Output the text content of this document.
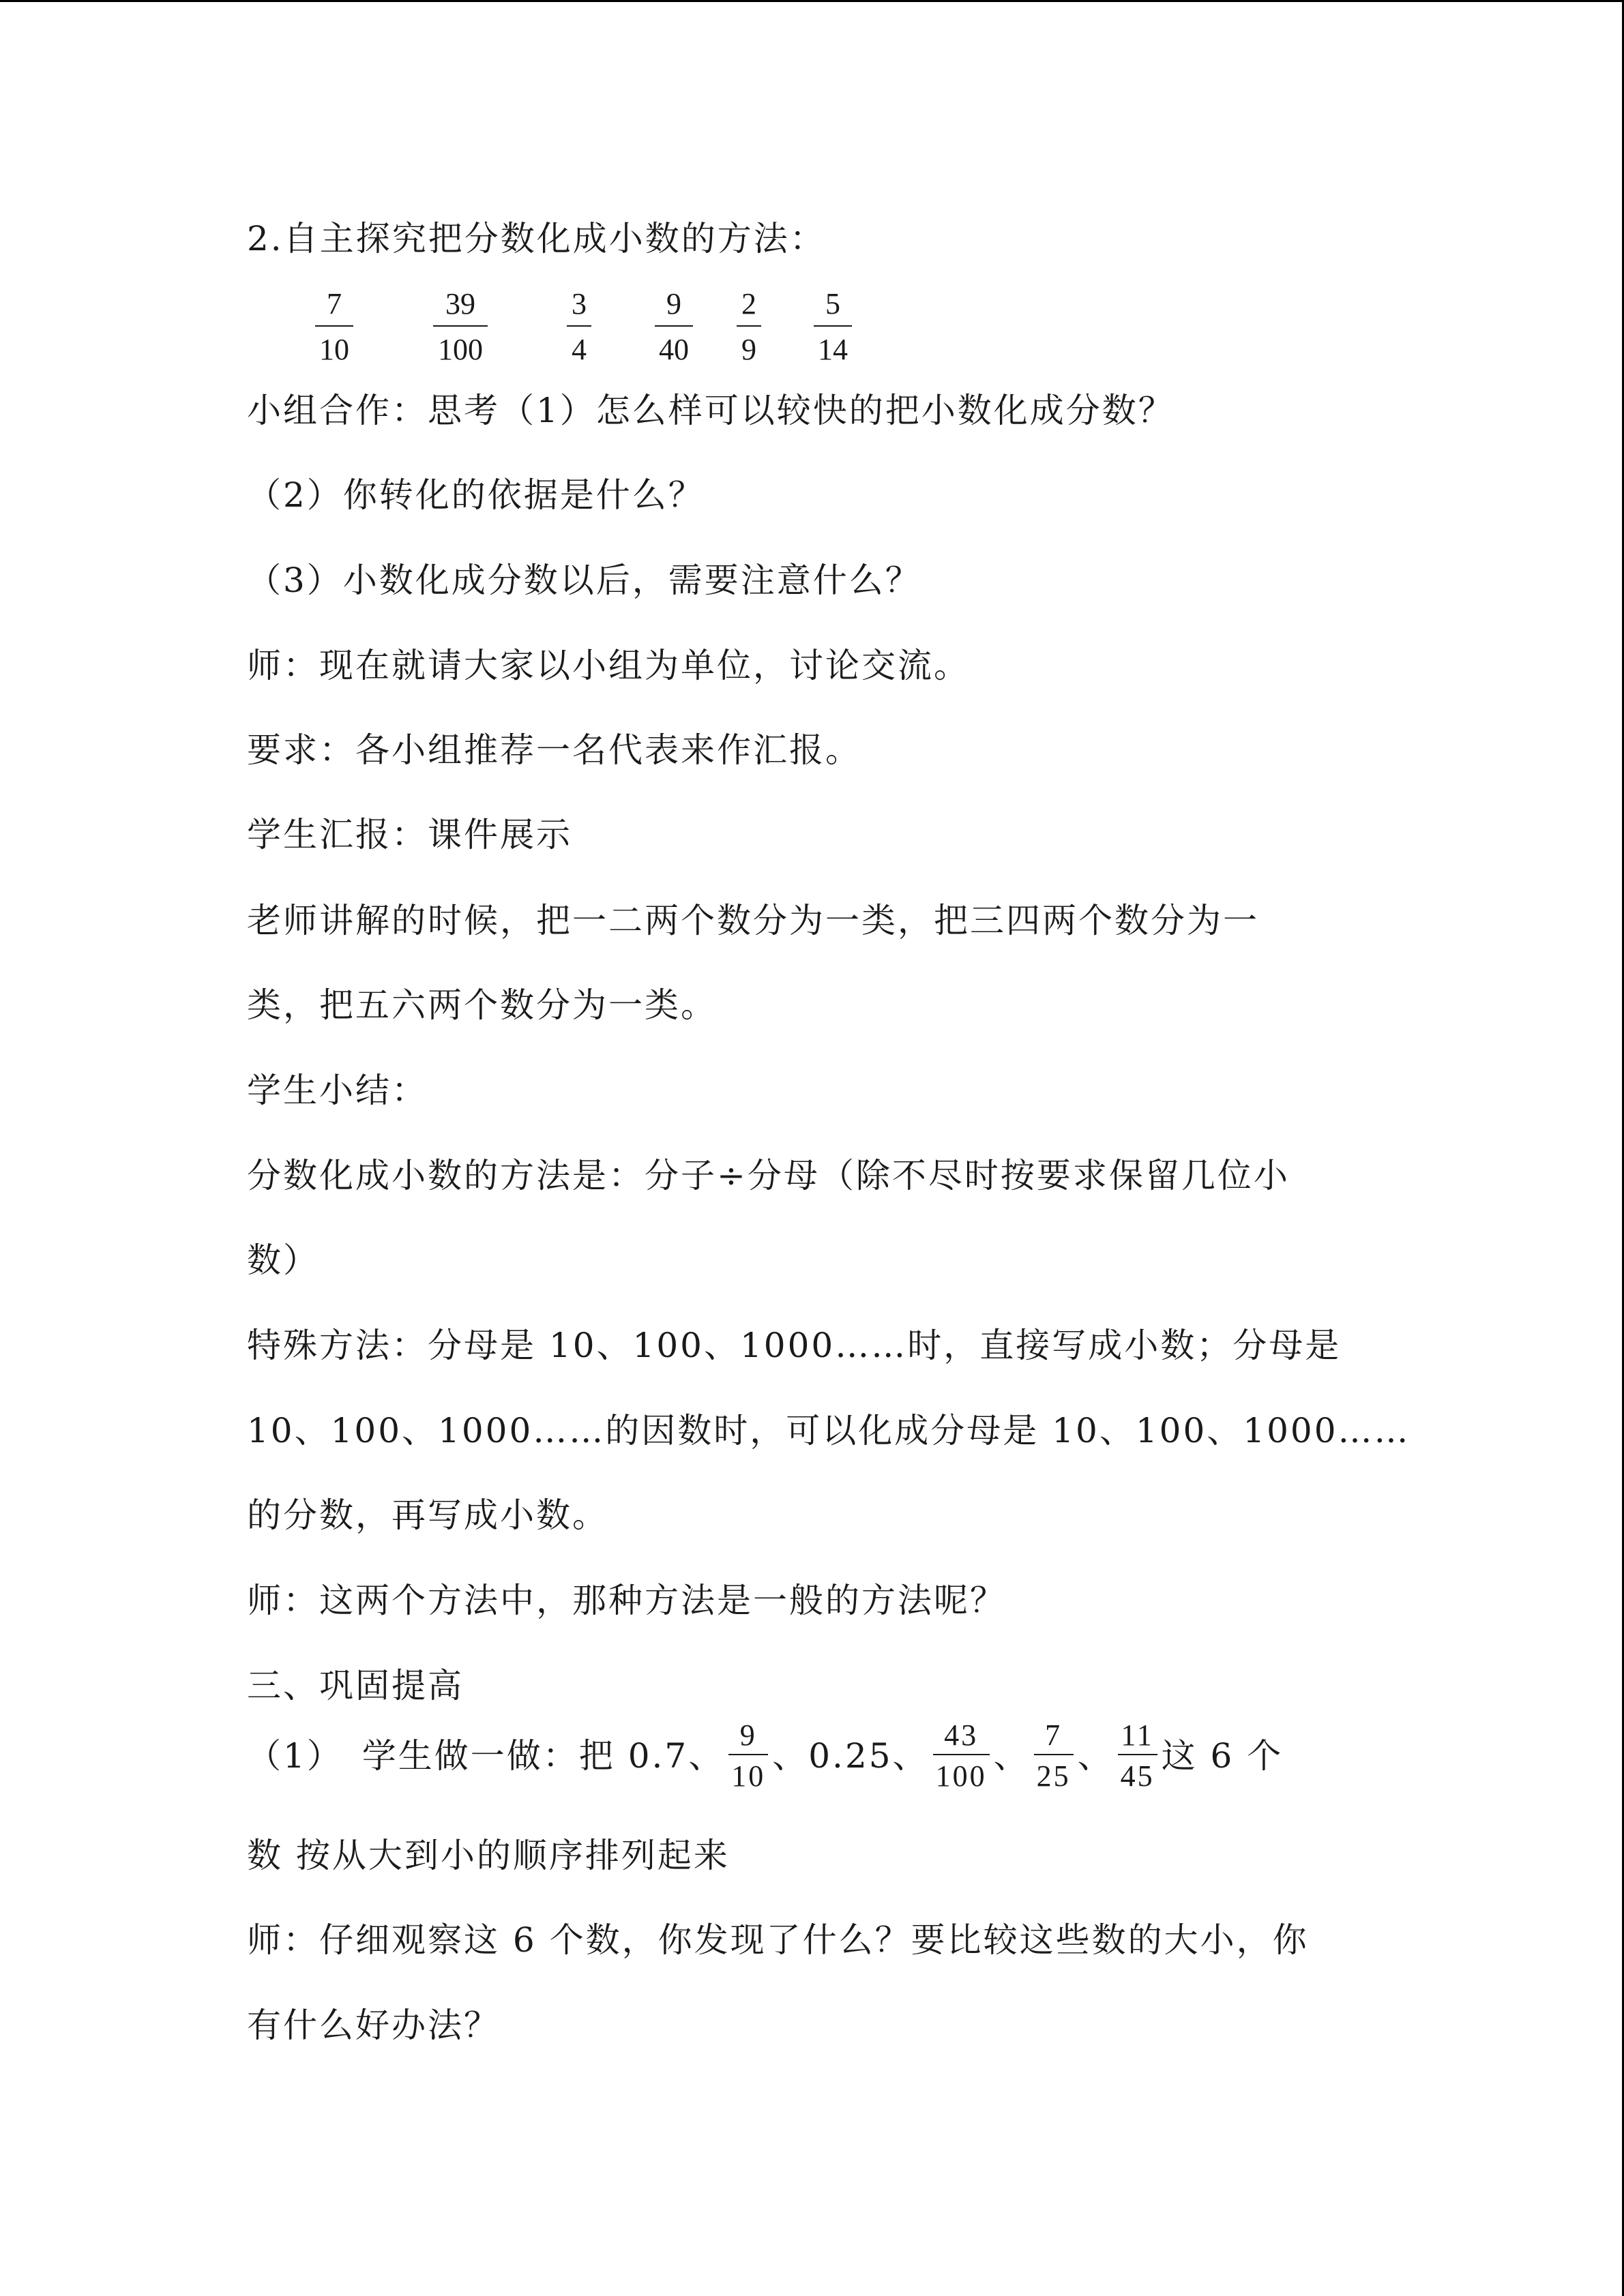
2.自主探究把分数化成小数的方法：
7
10
39
100
3
4
9
40
2
9
5
14
小组合作：思考（1）怎么样可以较快的把小数化成分数？
（2）你转化的依据是什么？
（3）小数化成分数以后，需要注意什么？
师：现在就请大家以小组为单位，讨论交流。
要求：各小组推荐一名代表来作汇报。
学生汇报：课件展示
老师讲解的时候，把一二两个数分为一类，把三四两个数分为一
类，把五六两个数分为一类。
学生小结：
分数化成小数的方法是：分子÷分母（除不尽时按要求保留几位小
数）
特殊方法：分母是 10、100、1000……时，直接写成小数；分母是
10、100、1000……的因数时，可以化成分母是 10、100、1000……
的分数，再写成小数。
师：这两个方法中，那种方法是一般的方法呢？
三、巩固提高
（1）　学生做一做：把 0.7、 $\frac{9}{10}$ 、0.25、 $\frac{43}{100}$ 、 $\frac{7}{25}$ 、 $\frac{11}{45}$ 这 6 个
数 按从大到小的顺序排列起来
师：仔细观察这 6 个数，你发现了什么？要比较这些数的大小，你
有什么好办法？
